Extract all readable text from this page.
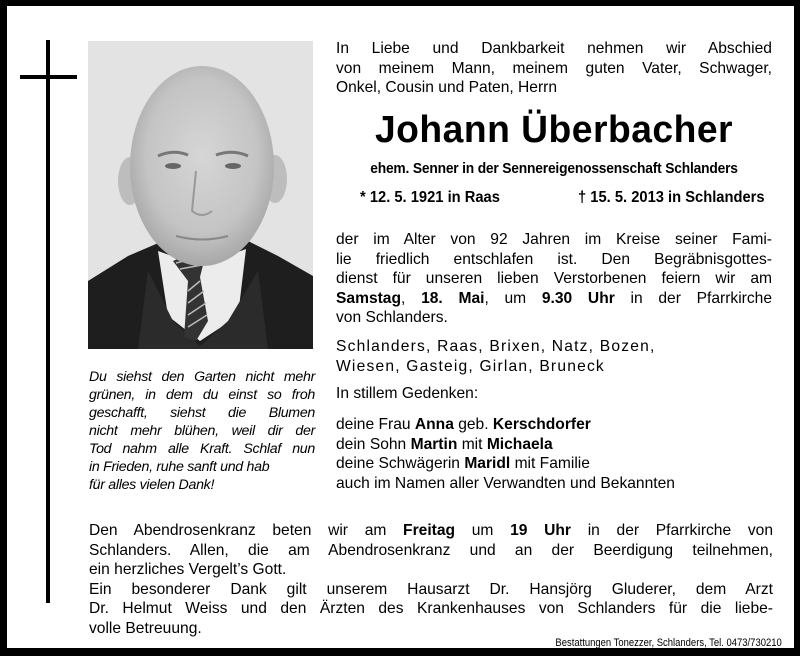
Du siehst den Garten nicht mehr
grünen, in dem du einst so froh
geschafft, siehst die Blumen
nicht mehr blühen, weil dir der
Tod nahm alle Kraft. Schlaf nun
in Frieden, ruhe sanft und hab
für alles vielen Dank!
In Liebe und Dankbarkeit nehmen wir Abschied
von meinem Mann, meinem guten Vater, Schwager,
Onkel, Cousin und Paten, Herrn
Johann Überbacher
ehem. Senner in der Sennereigenossenschaft Schlanders
* 12. 5. 1921 in Raas	† 15. 5. 2013 in Schlanders
der im Alter von 92 Jahren im Kreise seiner Fami-
lie friedlich entschlafen ist. Den Begräbnisgottes-
dienst für unseren lieben Verstorbenen feiern wir am
Samstag, 18. Mai, um 9.30 Uhr in der Pfarrkirche
von Schlanders.
Schlanders, Raas, Brixen, Natz, Bozen,
Wiesen, Gasteig, Girlan, Bruneck
In stillem Gedenken:
deine Frau Anna geb. Kerschdorfer
dein Sohn Martin mit Michaela
deine Schwägerin Maridl mit Familie
auch im Namen aller Verwandten und Bekannten
Den Abendrosenkranz beten wir am Freitag um 19 Uhr in der Pfarrkirche von
Schlanders. Allen, die am Abendrosenkranz und an der Beerdigung teilnehmen,
ein herzliches Vergelt’s Gott.
Ein besonderer Dank gilt unserem Hausarzt Dr. Hansjörg Gluderer, dem Arzt
Dr. Helmut Weiss und den Ärzten des Krankenhauses von Schlanders für die liebe-
volle Betreuung.
Bestattungen Tonezzer, Schlanders, Tel. 0473/730210
